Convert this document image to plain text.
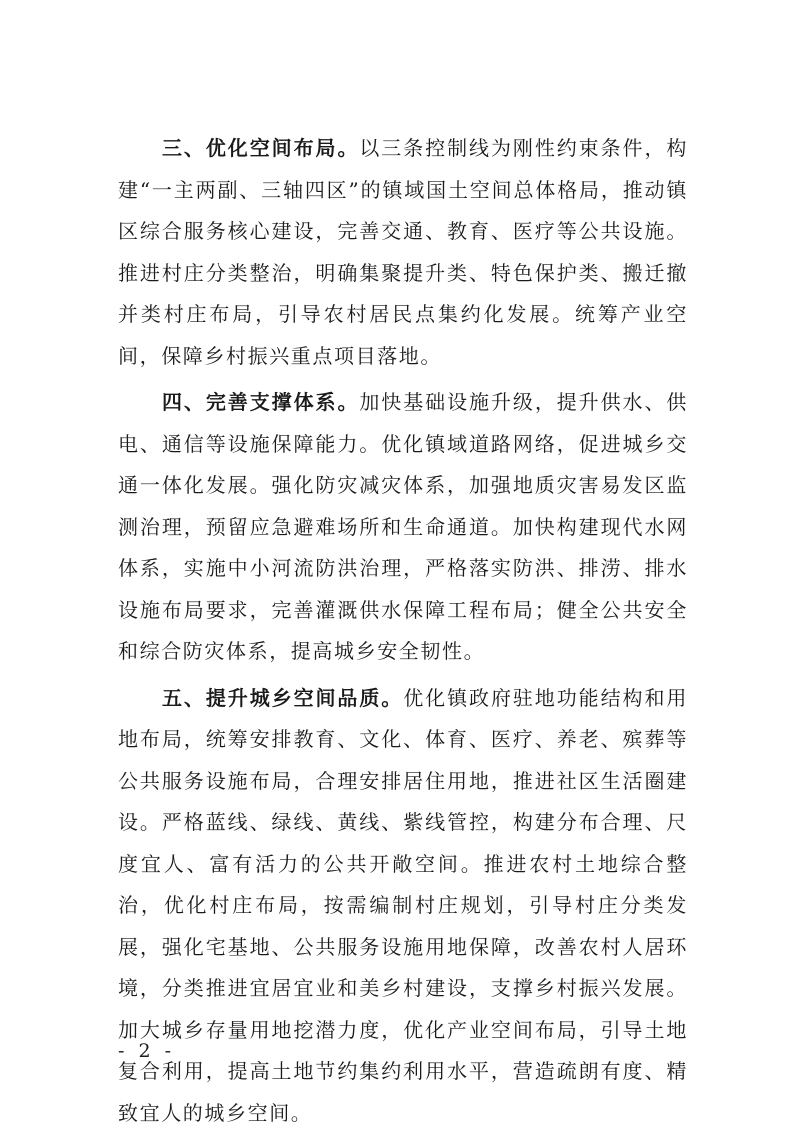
三、优化空间布局。以三条控制线为刚性约束条件，构建“一主两副、三轴四区”的镇域国土空间总体格局，推动镇区综合服务核心建设，完善交通、教育、医疗等公共设施。推进村庄分类整治，明确集聚提升类、特色保护类、搬迁撤并类村庄布局，引导农村居民点集约化发展。统筹产业空间，保障乡村振兴重点项目落地。

四、完善支撑体系。加快基础设施升级，提升供水、供电、通信等设施保障能力。优化镇域道路网络，促进城乡交通一体化发展。强化防灾减灾体系，加强地质灾害易发区监测治理，预留应急避难场所和生命通道。加快构建现代水网体系，实施中小河流防洪治理，严格落实防洪、排涝、排水设施布局要求，完善灌溉供水保障工程布局；健全公共安全和综合防灾体系，提高城乡安全韧性。

五、提升城乡空间品质。优化镇政府驻地功能结构和用地布局，统筹安排教育、文化、体育、医疗、养老、殡葬等公共服务设施布局，合理安排居住用地，推进社区生活圈建设。严格蓝线、绿线、黄线、紫线管控，构建分布合理、尺度宜人、富有活力的公共开敞空间。推进农村土地综合整治，优化村庄布局，按需编制村庄规划，引导村庄分类发展，强化宅基地、公共服务设施用地保障，改善农村人居环境，分类推进宜居宜业和美乡村建设，支撑乡村振兴发展。加大城乡存量用地挖潜力度，优化产业空间布局，引导土地复合利用，提高土地节约集约利用水平，营造疏朗有度、精致宜人的城乡空间。

- 2 -
